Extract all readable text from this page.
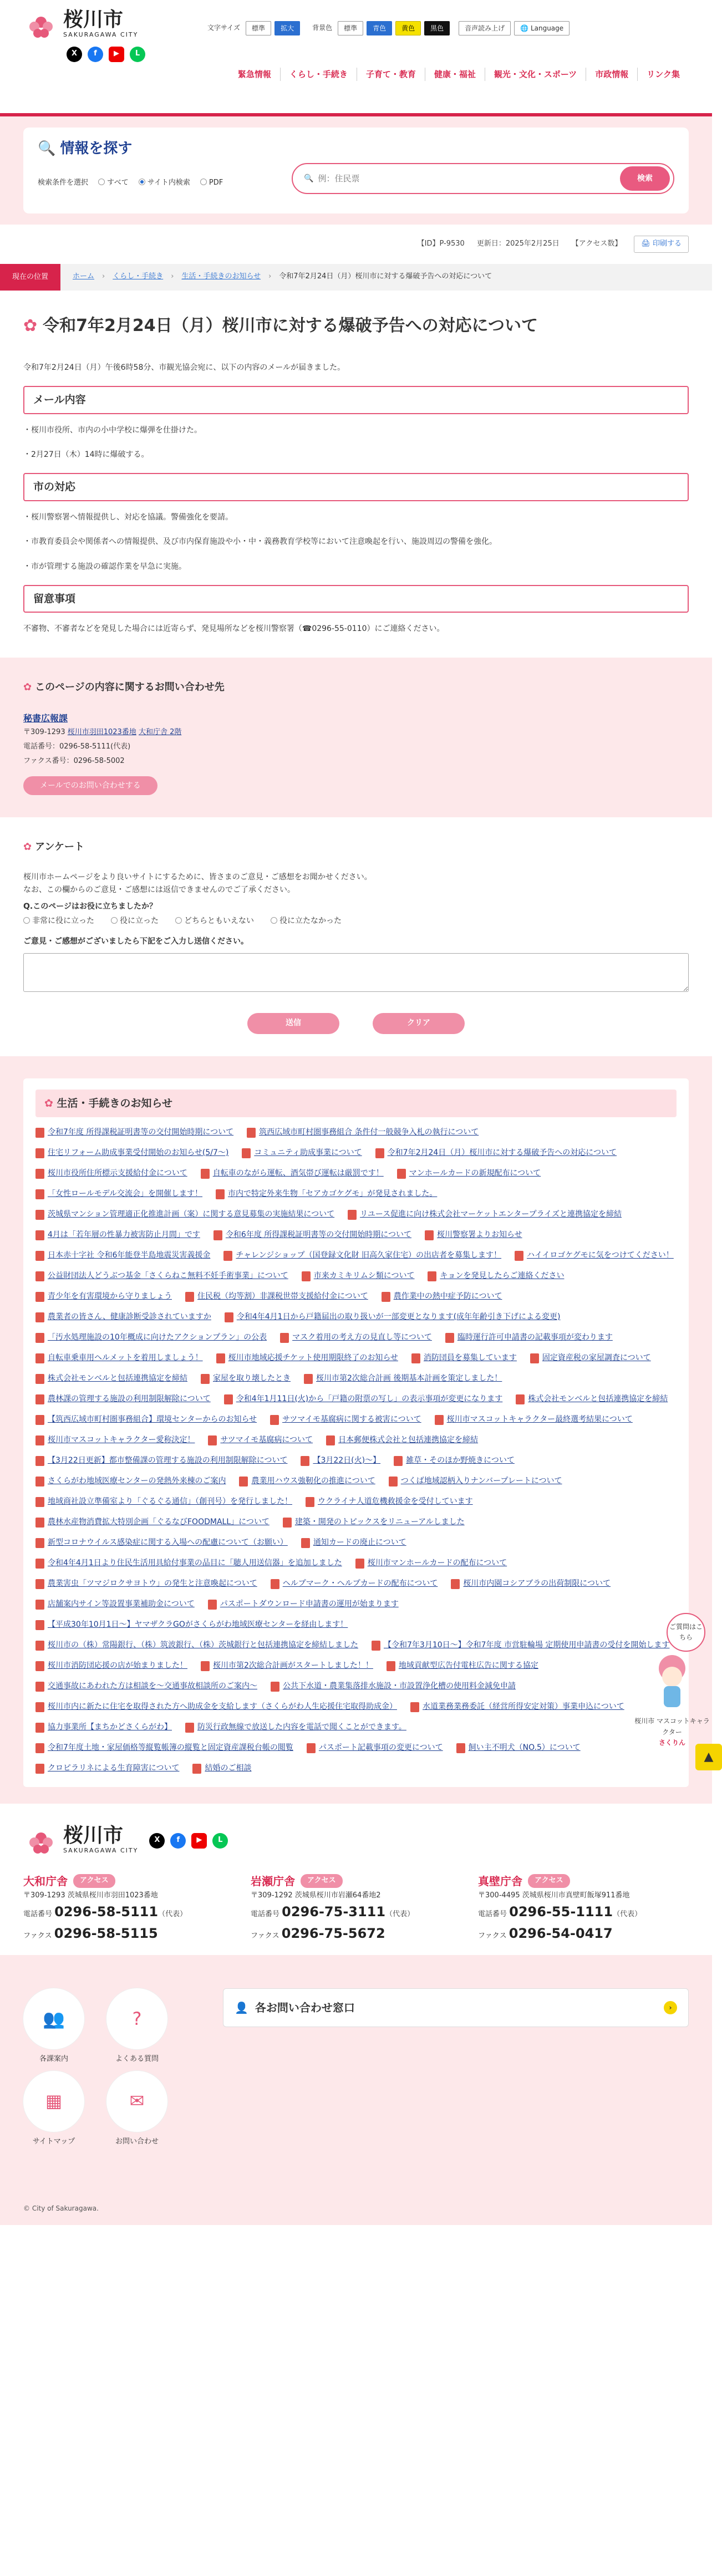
桜川市
SAKURAGAWA CITY
文字サイズ	標準	拡大	背景色	標準	青色	黄色	黒色	音声読み上げ	🌐 Language
X	f	▶	L
緊急情報	くらし・手続き	子育て・教育	健康・福祉	観光・文化・スポーツ	市政情報	リンク集
🔍 情報を探す
検索条件を選択	すべて	サイト内検索	PDF	🔍
例：住民票	検索
【ID】P-9530 更新日：2025年2月25日 【アクセス数】	🖨 印刷する
現在の位置	ホーム › くらし・手続き › 生活・手続きのお知らせ › 令和7年2月24日（月）桜川市に対する爆破予告への対応について
✿ 令和7年2月24日（月）桜川市に対する爆破予告への対応について

令和7年2月24日（月）午後6時58分、市観光協会宛に、以下の内容のメールが届きました。

メール内容

・桜川市役所、市内の小中学校に爆弾を仕掛けた。

・2月27日（木）14時に爆破する。

市の対応

・桜川警察署へ情報提供し、対応を協議。警備強化を要請。

・市教育委員会や関係者への情報提供、及び市内保育施設や小・中・義務教育学校等において注意喚起を行い、施設周辺の警備を強化。

・市が管理する施設の確認作業を早急に実施。

留意事項

不審物、不審者などを発見した場合には近寄らず、発見場所などを桜川警察署（☎0296-55-0110）にご連絡ください。

✿ このページの内容に関するお問い合わせ先
秘書広報課
〒309-1293 桜川市羽田1023番地 大和庁舎 2階
電話番号：0296-58-5111(代表)
ファクス番号：0296-58-5002
メールでのお問い合わせする
✿ アンケート

桜川市ホームページをより良いサイトにするために、皆さまのご意見・ご感想をお聞かせください。

なお、この欄からのご意見・ご感想には返信できませんのでご了承ください。

Q.このページはお役に立ちましたか？

非常に役に立った	役に立った	どちらともいえない	役に立たなかった

ご意見・ご感想がございましたら下記をご入力し送信ください。

送信	クリア
✿ 生活・手続きのお知らせ
令和7年度 所得課税証明書等の交付開始時期について	筑西広域市町村圏事務組合 条件付一般競争入札の執行について
住宅リフォーム助成事業受付開始のお知らせ(5/7〜)	コミュニティ助成事業について	令和7年2月24日（月）桜川市に対する爆破予告への対応について
桜川市役所住所標示支援給付金について	自転車のながら運転、酒気帯び運転は厳罰です！	マンホールカードの新規配布について
「女性ロールモデル交流会」を開催します！	市内で特定外来生物「セアカゴケグモ」が発見されました。
茨城県マンション管理適正化推進計画（案）に関する意見募集の実施結果について	リユース促進に向け株式会社マーケットエンタープライズと連携協定を締結
4月は「若年層の性暴力被害防止月間」です	令和6年度 所得課税証明書等の交付開始時期について	桜川警察署よりお知らせ
日本赤十字社 令和6年能登半島地震災害義援金	チャレンジショップ（国登録文化財 旧高久家住宅）の出店者を募集します！	ハイイロゴケグモに気をつけてください！
公益財団法人どうぶつ基金「さくらねこ無料不妊手術事業」について	市来カミキリムシ類について	キョンを発見したらご連絡ください
青少年を有害環境から守りましょう	住民税（均等割）非課税世帯支援給付金について	農作業中の熱中症予防について
農業者の皆さん、健康診断受診されていますか	令和4年4月1日から戸籍届出の取り扱いが一部変更となります(成年年齢引き下げによる変更)
「汚水処理施設の10年概成に向けたアクションプラン」の公表	マスク着用の考え方の見直し等について	臨時運行許可申請書の記載事項が変わります
自転車乗車用ヘルメットを着用しましょう！	桜川市地域応援チケット使用期限終了のお知らせ	消防団員を募集しています	固定資産税の家屋調査について
株式会社モンベルと包括連携協定を締結	家屋を取り壊したとき	桜川市第2次総合計画 後期基本計画を策定しました！
農林課の管理する施設の利用制限解除について	令和4年1月11日(火)から「戸籍の附票の写し」の表示事項が変更になります	株式会社モンベルと包括連携協定を締結
【筑西広域市町村圏事務組合】環境センターからのお知らせ	サツマイモ基腐病に関する被害について	桜川市マスコットキャラクター最終選考結果について
桜川市マスコットキャラクター愛称決定！	サツマイモ基腐病について	日本郵便株式会社と包括連携協定を締結
【3月22日更新】都市整備課の管理する施設の利用制限解除について	【3月22日(火)〜】	雑草・そのほか野焼きについて
さくらがわ地域医療センターの発熱外来棟のご案内	農業用ハウス強靭化の推進について	つくば地域認柄入りナンバープレートについて
地域商社設立準備室より「ぐるぐる通信」（創刊号）を発行しました！	ウクライナ人道危機救援金を受付しています
農林水産物消費拡大特別企画「ぐるなびFOODMALL」について	建築・開発のトピックスをリニューアルしました
新型コロナウイルス感染症に関する入場への配慮について（お願い）	通知カードの廃止について
令和4年4月1日より住民生活用具給付事業の品目に「聴人用送信器」を追加しました	桜川市マンホールカードの配布について
農業害虫「ツマジロクサヨトウ」の発生と注意喚起について	ヘルプマーク・ヘルプカードの配布について	桜川市内園コシアブラの出荷制限について
店舗案内サイン等設置事業補助金について	パスポートダウンロード申請書の運用が始まります
【平成30年10月1日〜】ヤマザクラGOがさくらがわ地域医療センターを経由します！
桜川市の（株）常陽銀行、（株）筑波銀行、（株）茨城銀行と包括連携協定を締結しました	【令和7年3月10日〜】令和7年度 市営駐輪場 定期使用申請書の受付を開始します
桜川市消防団応援の店が始まりました！	桜川市第2次総合計画がスタートしました！！	地域貢献型広告付電柱広告に関する協定
交通事故にあわれた方は相談を〜交通事故相談所のご案内〜	公共下水道・農業集落排水施設・市設置浄化槽の使用料金減免申請
桜川市内に新たに住宅を取得された方へ助成金を支給します（さくらがわ人生応援住宅取得助成金）	水道業務業務委託（経営所得安定対策）事業申込について
協力事業所【まちかどさくらがわ】	防災行政無線で放送した内容を電話で聞くことができます。
令和7年度土地・家屋価格等縦覧帳簿の縦覧と固定資産課税台帳の閲覧	パスポート記載事項の変更について	飼い主不明犬（NO.5）について
クロピラリネによる生育障害について	結婚のご相談
ご質問はこちら
桜川市 マスコットキャラクター
さくりん
▲
桜川市
SAKURAGAWA CITY
X	f	▶	L
大和庁舎	アクセス
〒309-1293 茨城県桜川市羽田1023番地
電話番号 0296-58-5111（代表）
ファクス 0296-58-5115
岩瀬庁舎	アクセス
〒309-1292 茨城県桜川市岩瀬64番地2
電話番号 0296-75-3111（代表）
ファクス 0296-75-5672
真壁庁舎	アクセス
〒300-4495 茨城県桜川市真壁町飯塚911番地
電話番号 0296-55-1111（代表）
ファクス 0296-54-0417
👥
各課案内
?
よくある質問
👤 各お問い合わせ窓口	›
▦
サイトマップ
✉
お問い合わせ
© City of Sakuragawa.
